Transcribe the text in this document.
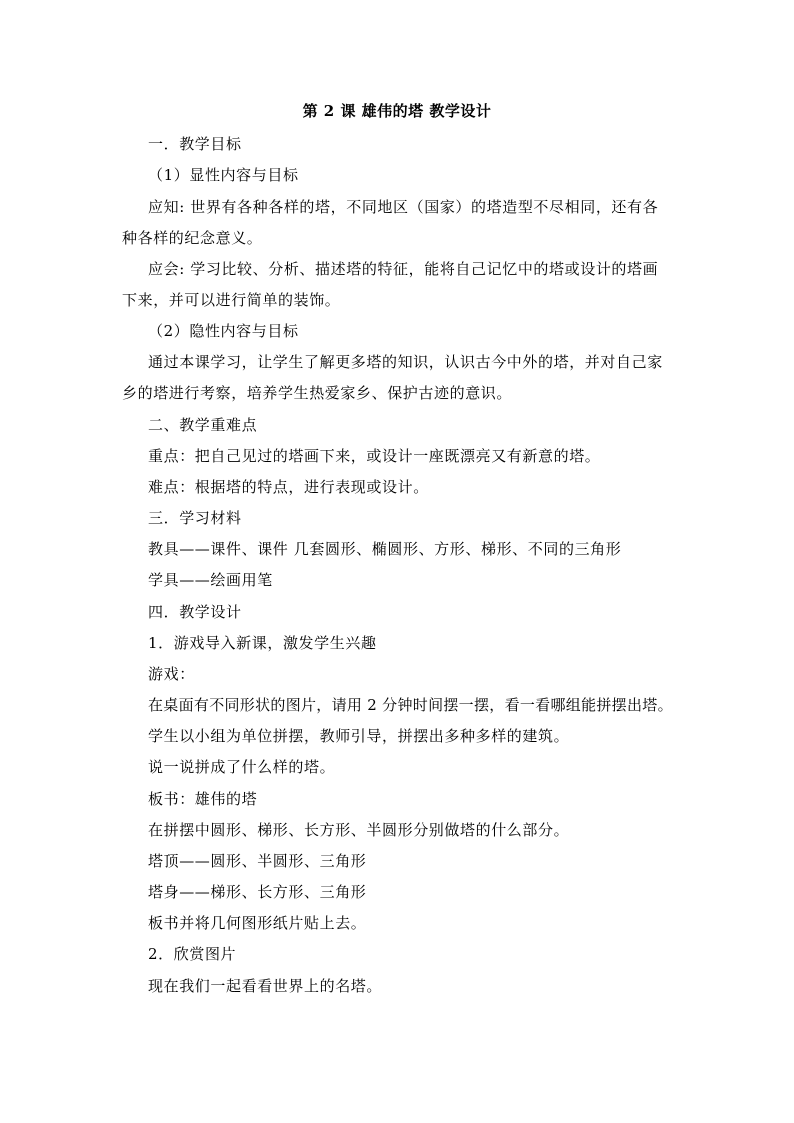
第 2 课 雄伟的塔 教学设计
一．教学目标
（1）显性内容与目标
应知: 世界有各种各样的塔，不同地区（国家）的塔造型不尽相同，还有各
种各样的纪念意义。
应会: 学习比较、分析、描述塔的特征，能将自己记忆中的塔或设计的塔画
下来，并可以进行简单的装饰。
（2）隐性内容与目标
通过本课学习，让学生了解更多塔的知识，认识古今中外的塔，并对自己家
乡的塔进行考察，培养学生热爱家乡、保护古迹的意识。
二、教学重难点
重点：把自己见过的塔画下来，或设计一座既漂亮又有新意的塔。
难点：根据塔的特点，进行表现或设计。
三．学习材料
教具——课件、课件 几套圆形、椭圆形、方形、梯形、不同的三角形
学具——绘画用笔
四．教学设计
1．游戏导入新课，激发学生兴趣
游戏：
在桌面有不同形状的图片，请用 2 分钟时间摆一摆，看一看哪组能拼摆出塔。
学生以小组为单位拼摆，教师引导，拼摆出多种多样的建筑。
说一说拼成了什么样的塔。
板书：雄伟的塔
在拼摆中圆形、梯形、长方形、半圆形分别做塔的什么部分。
塔顶——圆形、半圆形、三角形
塔身——梯形、长方形、三角形
板书并将几何图形纸片贴上去。
2．欣赏图片
现在我们一起看看世界上的名塔。
